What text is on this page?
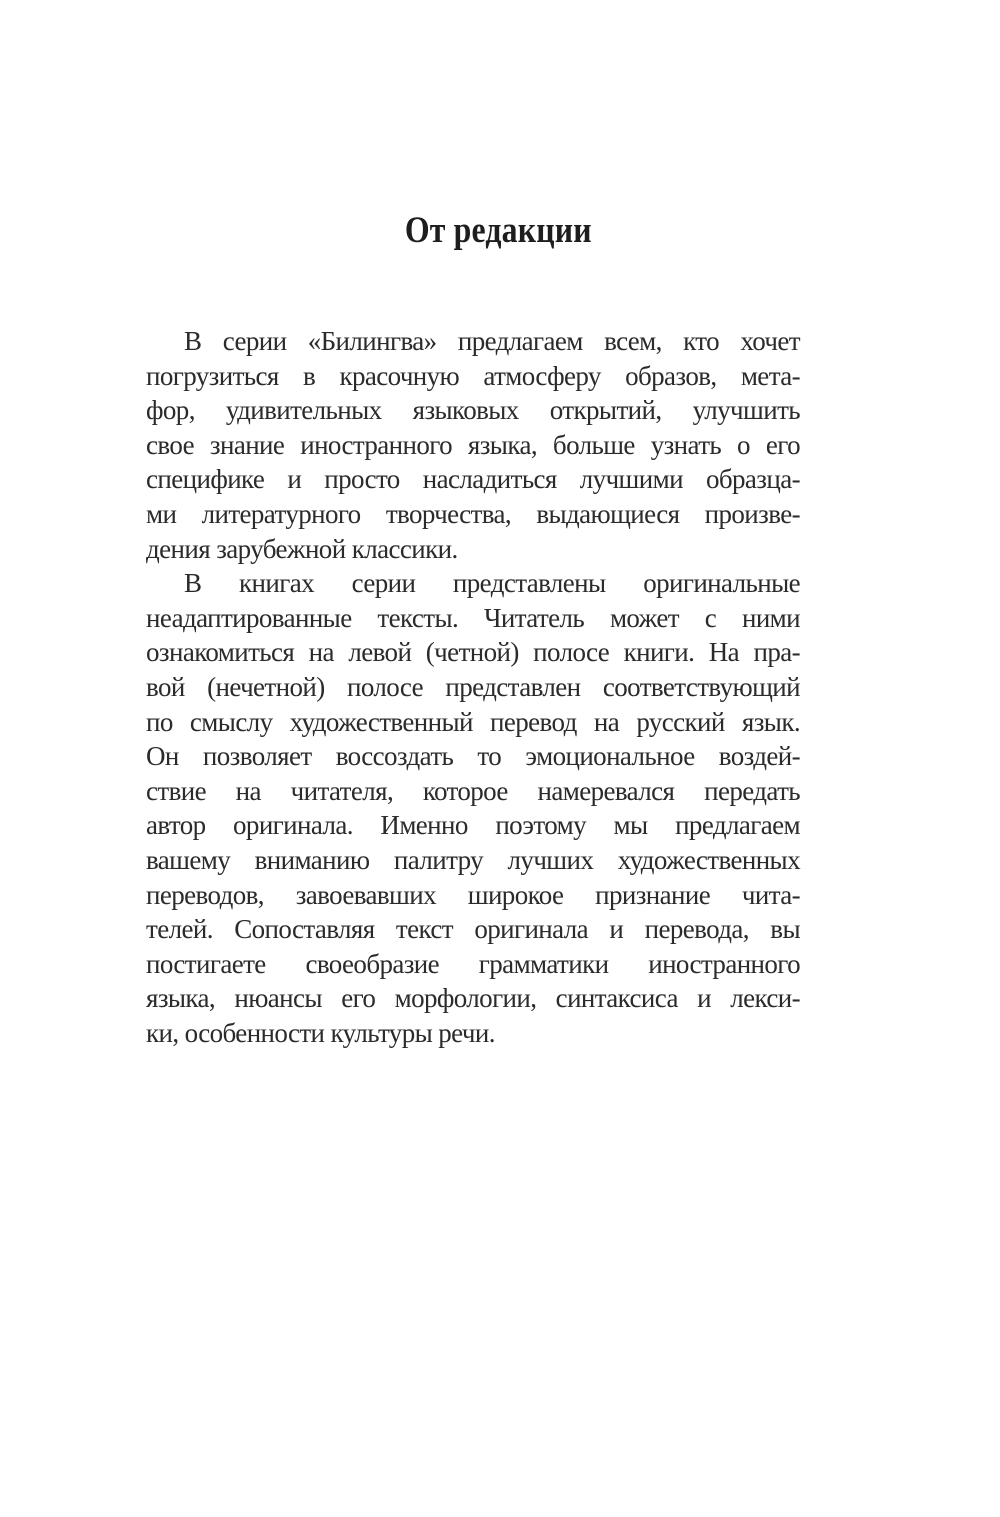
От редакции
В серии «Билингва» предлагаем всем, кто хочет
погрузиться в красочную атмосферу образов, мета-
фор, удивительных языковых открытий, улучшить
свое знание иностранного языка, больше узнать о его
специфике и просто насладиться лучшими образца-
ми литературного творчества, выдающиеся произве-
дения зарубежной классики.
В книгах серии представлены оригинальные
неадаптированные тексты. Читатель может с ними
ознакомиться на левой (четной) полосе книги. На пра-
вой (нечетной) полосе представлен соответствующий
по смыслу художественный перевод на русский язык.
Он позволяет воссоздать то эмоциональное воздей-
ствие на читателя, которое намеревался передать
автор оригинала. Именно поэтому мы предлагаем
вашему вниманию палитру лучших художественных
переводов, завоевавших широкое признание чита-
телей. Сопоставляя текст оригинала и перевода, вы
постигаете своеобразие грамматики иностранного
языка, нюансы его морфологии, синтаксиса и лекси-
ки, особенности культуры речи.
